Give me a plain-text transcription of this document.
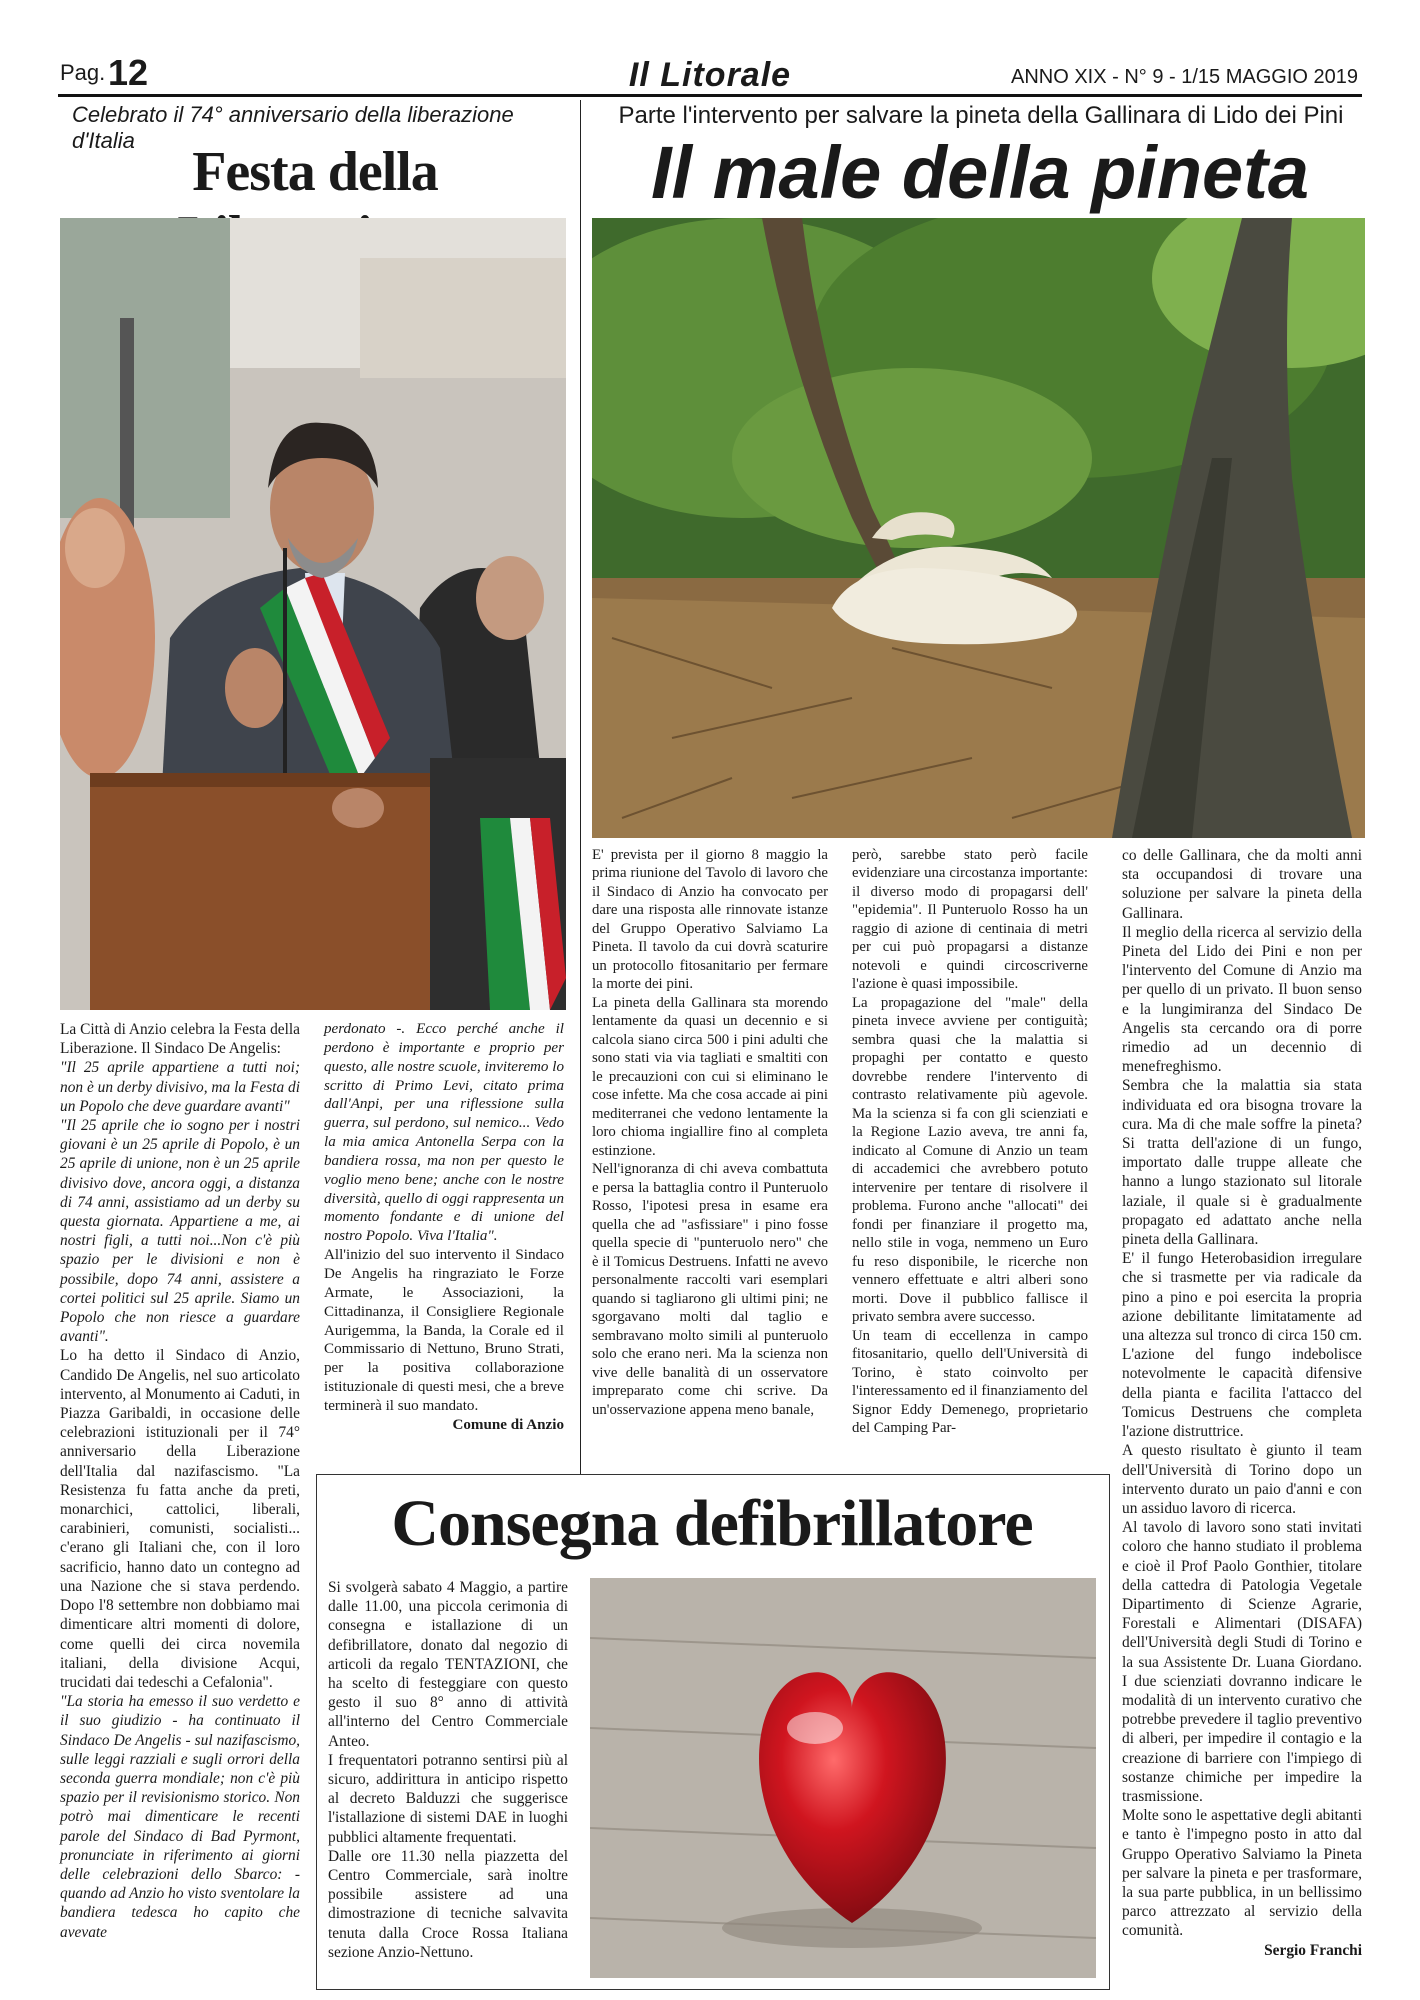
Pag. 12	Il Litorale	ANNO XIX - N° 9 - 1/15 MAGGIO 2019
Celebrato il 74° anniversario della liberazione d'Italia
Festa della
Parte l'intervento per salvare la pineta della Gallinara di Lido dei Pini
Il male della pineta

La Città di Anzio celebra la Festa della Liberazione. Il Sindaco De Angelis:

"Il 25 aprile appartiene a tutti noi; non è un derby divisivo, ma la Festa di un Popolo che deve guardare avanti"

"Il 25 aprile che io sogno per i nostri giovani è un 25 aprile di Popolo, è un 25 aprile di unione, non è un 25 aprile divisivo dove, ancora oggi, a distanza di 74 anni, assistiamo ad un derby su questa giornata. Appartiene a me, ai nostri figli, a tutti noi...Non c'è più spazio per le divisioni e non è possibile, dopo 74 anni, assistere a cortei politici sul 25 aprile. Siamo un Popolo che non riesce a guardare avanti".

Lo ha detto il Sindaco di Anzio, Candido De Angelis, nel suo articolato intervento, al Monumento ai Caduti, in Piazza Garibaldi, in occasione delle celebrazioni istituzionali per il 74° anniversario della Liberazione dell'Italia dal nazifascismo. "La Resistenza fu fatta anche da preti, monarchici, cattolici, liberali, carabinieri, comunisti, socialisti... c'erano gli Italiani che, con il loro sacrificio, hanno dato un contegno ad una Nazione che si stava perdendo. Dopo l'8 settembre non dobbiamo mai dimenticare altri momenti di dolore, come quelli dei circa novemila italiani, della divisione Acqui, trucidati dai tedeschi a Cefalonia".

"La storia ha emesso il suo verdetto e il suo giudizio - ha continuato il Sindaco De Angelis - sul nazifascismo, sulle leggi razziali e sugli orrori della seconda guerra mondiale; non c'è più spazio per il revisionismo storico. Non potrò mai dimenticare le recenti parole del Sindaco di Bad Pyrmont, pronunciate in riferimento ai giorni delle celebrazioni dello Sbarco: - quando ad Anzio ho visto sventolare la bandiera tedesca ho capito che avevate

perdonato -. Ecco perché anche il perdono è importante e proprio per questo, alle nostre scuole, inviteremo lo scritto di Primo Levi, citato prima dall'Anpi, per una riflessione sulla guerra, sul perdono, sul nemico... Vedo la mia amica Antonella Serpa con la bandiera rossa, ma non per questo le voglio meno bene; anche con le nostre diversità, quello di oggi rappresenta un momento fondante e di unione del nostro Popolo. Viva l'Italia".

All'inizio del suo intervento il Sindaco De Angelis ha ringraziato le Forze Armate, le Associazioni, la Cittadinanza, il Consigliere Regionale Aurigemma, la Banda, la Corale ed il Commissario di Nettuno, Bruno Strati, per la positiva collaborazione istituzionale di questi mesi, che a breve terminerà il suo mandato.

Comune di Anzio

E' prevista per il giorno 8 maggio la prima riunione del Tavolo di lavoro che il Sindaco di Anzio ha convocato per dare una risposta alle rinnovate istanze del Gruppo Operativo Salviamo La Pineta. Il tavolo da cui dovrà scaturire un protocollo fitosanitario per fermare la morte dei pini.

La pineta della Gallinara sta morendo lentamente da quasi un decennio e si calcola siano circa 500 i pini adulti che sono stati via via tagliati e smaltiti con le precauzioni con cui si eliminano le cose infette. Ma che cosa accade ai pini mediterranei che vedono lentamente la loro chioma ingiallire fino al completa estinzione.

Nell'ignoranza di chi aveva combattuta e persa la battaglia contro il Punteruolo Rosso, l'ipotesi presa in esame era quella che ad "asfissiare" i pino fosse quella specie di "punteruolo nero" che è il Tomicus Destruens. Infatti ne avevo personalmente raccolti vari esemplari quando si tagliarono gli ultimi pini; ne sgorgavano molti dal taglio e sembravano molto simili al punteruolo solo che erano neri. Ma la scienza non vive delle banalità di un osservatore impreparato come chi scrive. Da un'osservazione appena meno banale,

però, sarebbe stato però facile evidenziare una circostanza importante: il diverso modo di propagarsi dell' "epidemia". Il Punteruolo Rosso ha un raggio di azione di centinaia di metri per cui può propagarsi a distanze notevoli e quindi circoscriverne l'azione è quasi impossibile.

La propagazione del "male" della pineta invece avviene per contiguità; sembra quasi che la malattia si propaghi per contatto e questo dovrebbe rendere l'intervento di contrasto relativamente più agevole. Ma la scienza si fa con gli scienziati e la Regione Lazio aveva, tre anni fa, indicato al Comune di Anzio un team di accademici che avrebbero potuto intervenire per tentare di risolvere il problema. Furono anche "allocati" dei fondi per finanziare il progetto ma, nello stile in voga, nemmeno un Euro fu reso disponibile, le ricerche non vennero effettuate e altri alberi sono morti. Dove il pubblico fallisce il privato sembra avere successo.

Un team di eccellenza in campo fitosanitario, quello dell'Università di Torino, è stato coinvolto per l'interessamento ed il finanziamento del Signor Eddy Demenego, proprietario del Camping Par-

co delle Gallinara, che da molti anni sta occupandosi di trovare una soluzione per salvare la pineta della Gallinara.

Il meglio della ricerca al servizio della Pineta del Lido dei Pini e non per l'intervento del Comune di Anzio ma per quello di un privato. Il buon senso e la lungimiranza del Sindaco De Angelis sta cercando ora di porre rimedio ad un decennio di menefreghismo.

Sembra che la malattia sia stata individuata ed ora bisogna trovare la cura. Ma di che male soffre la pineta? Si tratta dell'azione di un fungo, importato dalle truppe alleate che hanno a lungo stazionato sul litorale laziale, il quale si è gradualmente propagato ed adattato anche nella pineta della Gallinara.

E' il fungo Heterobasidion irregulare che si trasmette per via radicale da pino a pino e poi esercita la propria azione debilitante limitatamente ad una altezza sul tronco di circa 150 cm. L'azione del fungo indebolisce notevolmente le capacità difensive della pianta e facilita l'attacco del Tomicus Destruens che completa l'azione distruttrice.

A questo risultato è giunto il team dell'Università di Torino dopo un intervento durato un paio d'anni e con un assiduo lavoro di ricerca.

Al tavolo di lavoro sono stati invitati coloro che hanno studiato il problema e cioè il Prof Paolo Gonthier, titolare della cattedra di Patologia Vegetale Dipartimento di Scienze Agrarie, Forestali e Alimentari (DISAFA) dell'Università degli Studi di Torino e la sua Assistente Dr. Luana Giordano. I due scienziati dovranno indicare le modalità di un intervento curativo che potrebbe prevedere il taglio preventivo di alberi, per impedire il contagio e la creazione di barriere con l'impiego di sostanze chimiche per impedire la trasmissione.

Molte sono le aspettative degli abitanti e tanto è l'impegno posto in atto dal Gruppo Operativo Salviamo la Pineta per salvare la pineta e per trasformare, la sua parte pubblica, in un bellissimo parco attrezzato al servizio della comunità.

Sergio Franchi

Consegna defibrillatore

Si svolgerà sabato 4 Maggio, a partire dalle 11.00, una piccola cerimonia di consegna e istallazione di un defibrillatore, donato dal negozio di articoli da regalo TENTAZIONI, che ha scelto di festeggiare con questo gesto il suo 8° anno di attività all'interno del Centro Commerciale Anteo.

I frequentatori potranno sentirsi più al sicuro, addirittura in anticipo rispetto al decreto Balduzzi che suggerisce l'istallazione di sistemi DAE in luoghi pubblici altamente frequentati.

Dalle ore 11.30 nella piazzetta del Centro Commerciale, sarà inoltre possibile assistere ad una dimostrazione di tecniche salvavita tenuta dalla Croce Rossa Italiana sezione Anzio-Nettuno.
